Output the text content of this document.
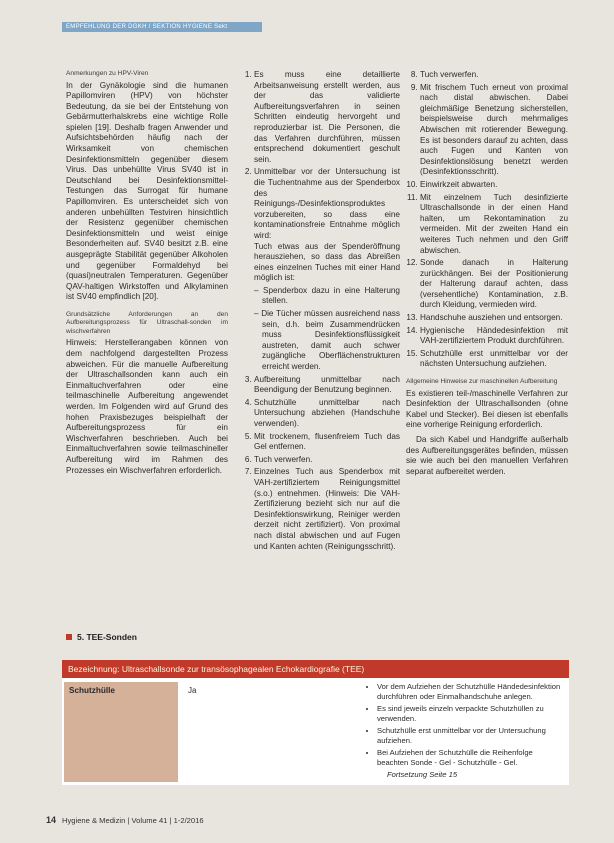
EMPFEHLUNG DER DGKH / SEKTION HYGIENE Sekt

Anmerkungen zu HPV-Viren

In der Gynäkologie sind die humanen Papillomviren (HPV) von höchster Bedeutung, da sie bei der Entstehung von Gebärmutterhalskrebs eine wichtige Rolle spielen [19]. Deshalb fragen Anwender und Aufsichtsbehörden häufig nach der Wirksamkeit von chemischen Desinfektionsmitteln gegenüber diesem Virus. Das unbehüllte Virus SV40 ist in Deutschland bei Desinfektionsmittel-Testungen das Surrogat für humane Papillomviren. Es unterscheidet sich von anderen unbehüllten Testviren hinsichtlich der Resistenz gegenüber chemischen Desinfektionsmitteln und weist einige Besonderheiten auf. SV40 besitzt z.B. eine ausgeprägte Stabilität gegenüber Alkoholen und gegenüber Formaldehyd bei (quasi)neutralen Temperaturen. Gegenüber QAV-haltigen Wirkstoffen und Alkylaminen ist SV40 empfindlich [20].

Grundsätzliche Anforderungen an den Aufbereitungsprozess für Ultraschall-sonden im wischverfahren

Hinweis: Herstellerangaben können von dem nachfolgend dargestellten Prozess abweichen. Für die manuelle Aufbereitung der Ultraschallsonden kann auch ein Einmaltuchverfahren oder eine teilmaschinelle Aufbereitung angewendet werden. Im Folgenden wird auf Grund des hohen Praxisbezuges beispielhaft der Aufbereitungsprozess für ein Wischverfahren beschrieben. Auch bei Einmaltuchverfahren sowie teilmaschineller Aufbereitung wird im Rahmen des Prozesses ein Wischverfahren erforderlich.

1. Es muss eine detaillierte Arbeitsanweisung erstellt werden, aus der das validierte Aufbereitungsverfahren in seinen Schritten eindeutig hervorgeht und reproduzierbar ist. Die Personen, die das Verfahren durchführen, müssen entsprechend dokumentiert geschult sein.
2. Unmittelbar vor der Untersuchung ist die Tuchentnahme aus der Spenderbox des Reinigungs-/Desinfektionsproduktes vorzubereiten, so dass eine kontaminationsfreie Entnahme möglich wird:
Tuch etwas aus der Spenderöffnung herausziehen, so dass das Abreißen eines einzelnen Tuches mit einer Hand möglich ist:
– Spenderbox dazu in eine Halterung stellen.
– Die Tücher müssen ausreichend nass sein, d.h. beim Zusammendrücken muss Desinfektionsflüssigkeit austreten, damit auch schwer zugängliche Oberflächenstrukturen erreicht werden.
3. Aufbereitung unmittelbar nach Beendigung der Benutzung beginnen.
4. Schutzhülle unmittelbar nach Untersuchung abziehen (Handschuhe verwenden).
5. Mit trockenem, flusenfreiem Tuch das Gel entfernen.
6. Tuch verwerfen.
7. Einzelnes Tuch aus Spenderbox mit VAH-zertifiziertem Reinigungsmittel (s.o.) entnehmen. (Hinweis: Die VAH-Zertifizierung bezieht sich nur auf die Desinfektionswirkung, Reiniger werden derzeit nicht zertifiziert). Von proximal nach distal abwischen und auf Fugen und Kanten achten (Reinigungsschritt).
8. Tuch verwerfen.
9. Mit frischem Tuch erneut von proximal nach distal abwischen. Dabei gleichmäßige Benetzung sicherstellen, beispielsweise durch mehrmaliges Abwischen mit rotierender Bewegung. Es ist besonders darauf zu achten, dass auch Fugen und Kanten von Desinfektionslösung benetzt werden (Desinfektionsschritt).
10. Einwirkzeit abwarten.
11. Mit einzelnem Tuch desinfizierte Ultraschallsonde in der einen Hand halten, um Rekontamination zu vermeiden. Mit der zweiten Hand ein weiteres Tuch nehmen und den Griff abwischen.
12. Sonde danach in Halterung zurückhängen. Bei der Positionierung der Halterung darauf achten, dass (versehentliche) Kontamination, z.B. durch Kleidung, vermieden wird.
13. Handschuhe ausziehen und entsorgen.
14. Hygienische Händedesinfektion mit VAH-zertifiziertem Produkt durchführen.
15. Schutzhülle erst unmittelbar vor der nächsten Untersuchung aufziehen.

Allgemeine Hinweise zur maschinellen Aufbereitung

Es existieren teil-/maschinelle Verfahren zur Desinfektion der Ultraschallsonden (ohne Kabel und Stecker). Bei diesen ist ebenfalls eine vorherige Reinigung erforderlich.

Da sich Kabel und Handgriffe außerhalb des Aufbereitungsgerätes befinden, müssen sie wie auch bei den manuellen Verfahren separat aufbereitet werden.

5. TEE-Sonden
Bezeichnung: Ultraschallsonde zur transösophagealen Echokardiografie (TEE)
Schutzhülle	Ja
•	Vor dem Aufziehen der Schutzhülle Händedesinfektion durchführen oder Einmalhandschuhe anlegen.
• Es sind jeweils einzeln verpackte Schutzhüllen zu verwenden.
• Schutzhülle erst unmittelbar vor der Untersuchung aufziehen.
• Bei Aufziehen der Schutzhülle die Reihenfolge beachten Sonde - Gel - Schutzhülle - Gel.
Fortsetzung Seite 15
14 Hygiene & Medizin | Volume 41 | 1-2/2016
